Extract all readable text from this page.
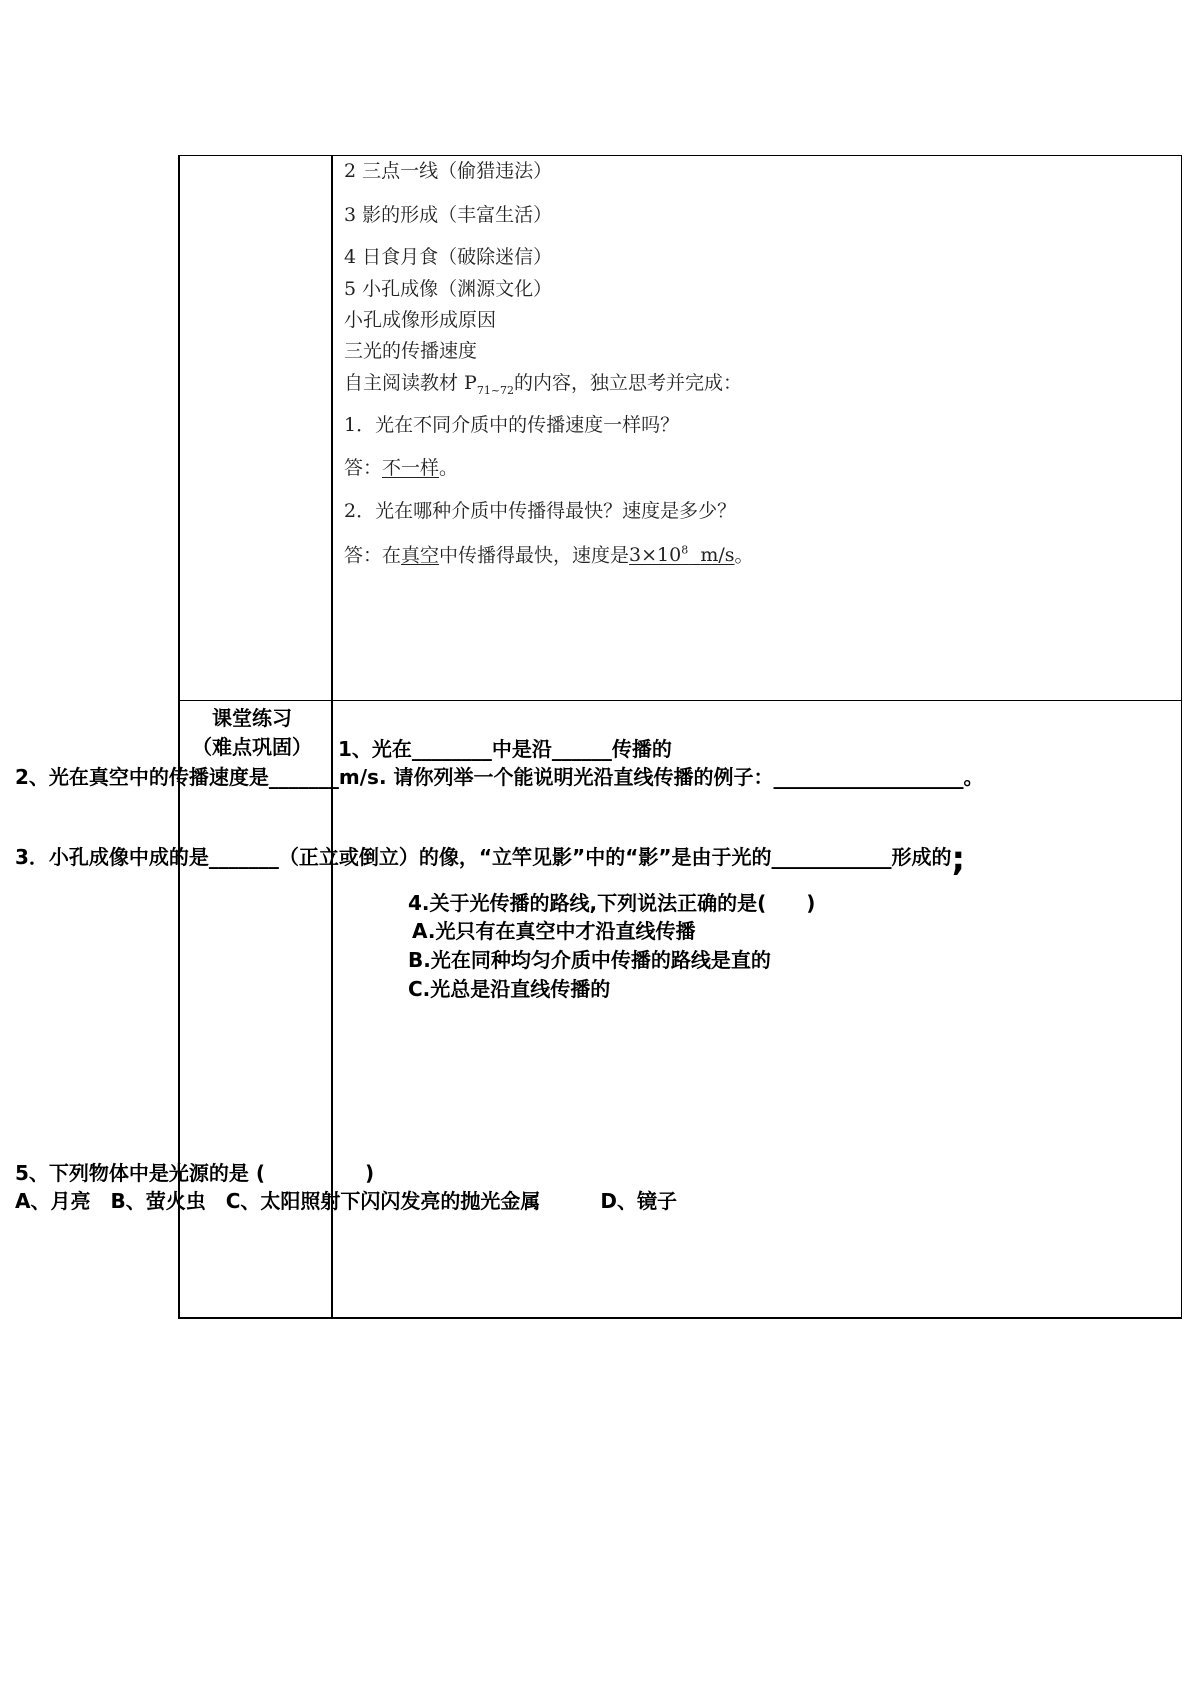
2 三点一线（偷猎违法）
3 影的形成（丰富生活）
4 日食月食（破除迷信）
5 小孔成像（渊源文化）
小孔成像形成原因
三光的传播速度
自主阅读教材 $P_{71\sim 72}$的内容，独立思考并完成：
1．光在不同介质中的传播速度一样吗？
答：不一样。
2．光在哪种介质中传播得最快？速度是多少？
答：在真空中传播得最快，速度是$3\times 10^8$ m/s。
课堂练习
（难点巩固） 1、光在________中是沿______传播的
2、光在真空中的传播速度是_______m/s. 请你列举一个能说明光沿直线传播的例子：___________________。
3．小孔成像中成的是_______（正立或倒立）的像，“立竿见影”中的“影”是由于光的____________形成的;
4.关于光传播的路线,下列说法正确的是(　　)
A.光只有在真空中才沿直线传播
B.光在同种均匀介质中传播的路线是直的
C.光总是沿直线传播的
5、下列物体中是光源的是 (　　　　　)
A、月亮　B、萤火虫　C、太阳照射下闪闪发亮的抛光金属　　　D、镜子
